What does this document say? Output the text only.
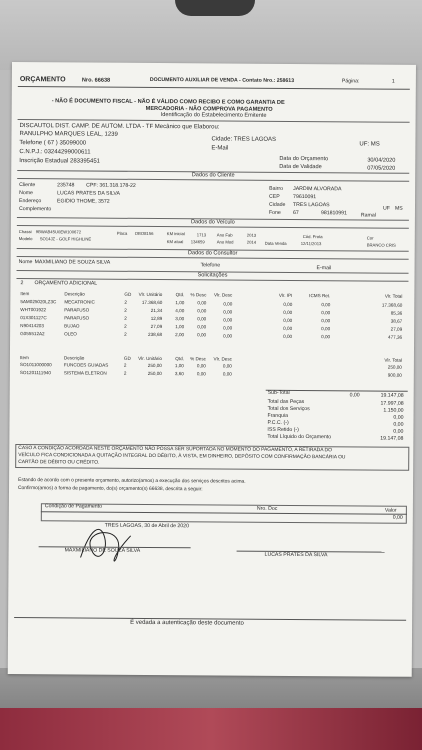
ORÇAMENTO	Nro. 66638	DOCUMENTO AUXILIAR DE VENDA - Contato Nro.: 258613	Página:	1
- NÃO É DOCUMENTO FISCAL - NÃO É VÁLIDO COMO RECIBO E COMO GARANTIA DE
MERCADORIA - NÃO COMPROVA PAGAMENTO
Identificação do Estabelecimento Emitente
DISCAUTOL DIST. CAMP. DE AUTOM. LTDA - TF Mecânico que Elaborou:
RANULPHO MARQUES LEAL, 1239
Cidade: TRES LAGOAS
UF: MS
Telefone ( 67 ) 35099000
E-Mail
C.N.P.J.: 03244299000611
Inscrição Estadual 283395451	Data do Orçamento	30/04/2020
Data de Validade	07/05/2020
Dados do Cliente
Cliente	235748 CPF: 361.318.178-22
Nome	LUCAS PRATES DA SILVA
Endereço	EGIDIO THOME, 3572
Complemento
Bairro JARDIM ALVORADA
CEP	79610091
Cidade TRES LAGOAS
UF MS
Fone 67	981810991	Ramal
Dados do Veículo
Chassi 9BWAB45U0EW100672	Placa OBO8156	KM inicial	1713	Ano Fab	2013	Cód. Frota	Cor
Modelo SO14JZ - GOLF HIGHLINE
KM atual 134659	Ano Mod	2014 Data Venda	12/11/2013	BRANCO CRIS
Dados do Consultor
Nome MAXMILIANO DE SOUZA SILVA	Telefone	E-mail
Solicitações
2 ORÇAMENTO ADICIONAL
Item	Descrição	GD	Vlr. Unitário	Qtd.	% Desc	Vlr. Desc	Vlr. IPI	ICMS Ret.	Vlr. Total
5AM025020LZ3C MECATRONIC	2	17.368,60	1,00	0,00	0,00	0,00	0,00	17.368,60
WHT001922	PARAFUSO	2	21,34	4,00	0,00	0,00	0,00	0,00	85,36
01X301127C	PARAFUSO	2	12,89	3,00	0,00	0,00	0,00	0,00	38,67
N90414203	BUJAO	2	27,09	1,00	0,00	0,00	0,00	0,00	27,09
G055512A2	OLEO	2	238,68	2,00	0,00	0,00	0,00	0,00	477,36
Item	Descrição	GD	Vlr. Unitário	Qtd.	% Desc	Vlr. Desc	Vlr. Total
SO1011000000	FUNCOES GUIADAS	2	250,00	1,00	0,00	0,00	250,00
SO1201111940	SISTEMA ELETRON	2	250,00	3,60	0,00	0,00	900,00
Sub-Total	0,00	19.147,08
Total das Peças	17.997,08
Total dos Serviços	1.150,00
Franquia	0,00
P.C.C. (-)	0,00
ISS Retido (-)	0,00
Total Líquido do Orçamento	19.147,08
CASO A CONDIÇÃO ACORDADA NESTE ORÇAMENTO NÃO POSSA SER SUPORTADA NO MOMENTO DO PAGAMENTO, A RETIRADA DO
VEÍCULO FICA CONDICIONADA A QUITAÇÃO INTEGRAL DO DÉBITO, À VISTA, EM DINHEIRO, DEPÓSITO COM CONFIRMAÇÃO BANCÁRIA OU
CARTÃO DE DÉBITO OU CRÉDITO.
Estando de acordo com o presente orçamento, autorizo(amos) a execução dos serviços descritos acima.
Confirmo(amos) a forma de pagamento, do(s) orçamento(s) 66638, descrita a seguir:
Condição de Pagamento	Nro. Doc	Valor
0,00
TRES LAGOAS, 30 de Abril de 2020
MAXMILIANO DE SOUZA SILVA
LUCAS PRATES DA SILVA
É vedada a autenticação deste documento
